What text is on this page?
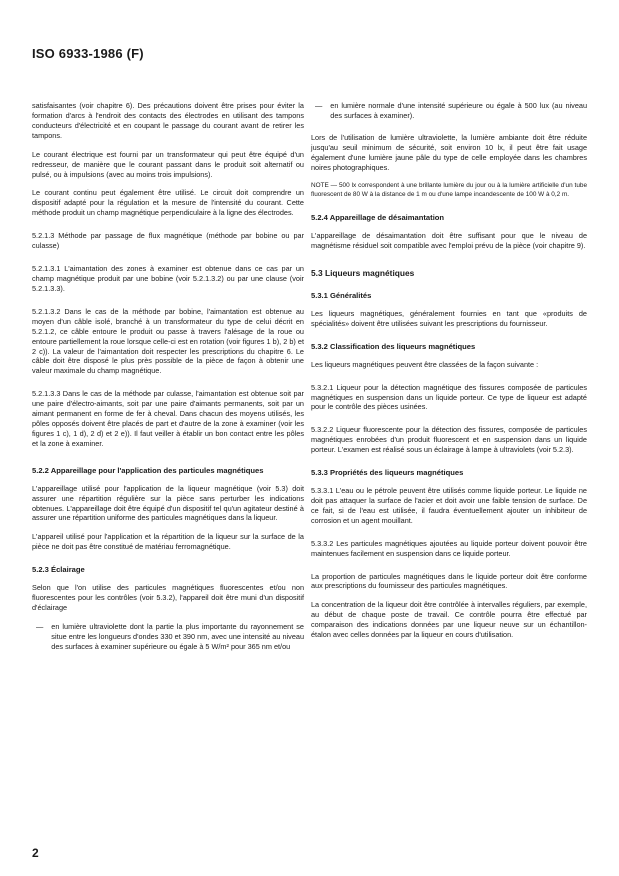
ISO 6933-1986 (F)

satisfaisantes (voir chapitre 6). Des précautions doivent être prises pour éviter la formation d'arcs à l'endroit des contacts des électrodes en utilisant des tampons conducteurs d'électricité et en coupant le passage du courant avant de retirer les tampons.

Le courant électrique est fourni par un transformateur qui peut être équipé d'un redresseur, de manière que le courant passant dans le produit soit alternatif ou pulsé, ou à impulsions (avec au moins trois impulsions).

Le courant continu peut également être utilisé. Le circuit doit comprendre un dispositif adapté pour la régulation et la mesure de l'intensité du courant. Cette méthode produit un champ magnétique perpendiculaire à la ligne des électrodes.

5.2.1.3 Méthode par passage de flux magnétique (méthode par bobine ou par culasse)

5.2.1.3.1 L'aimantation des zones à examiner est obtenue dans ce cas par un champ magnétique produit par une bobine (voir 5.2.1.3.2) ou par une clause (voir 5.2.1.3.3).

5.2.1.3.2 Dans le cas de la méthode par bobine, l'aimantation est obtenue au moyen d'un câble isolé, branché à un transformateur du type de celui décrit en 5.2.1.2, ce câble entoure le produit ou passe à travers l'alésage de la roue ou entoure partiellement la roue lorsque celle-ci est en rotation (voir figures 1 b), 2 b) et 2 c)). La valeur de l'aimantation doit respecter les prescriptions du chapitre 6. Le câble doit être disposé le plus près possible de la pièce de façon à obtenir une valeur maximale du champ magnétique.

5.2.1.3.3 Dans le cas de la méthode par culasse, l'aimantation est obtenue soit par une paire d'électro-aimants, soit par une paire d'aimants permanents, soit par un aimant permanent en forme de fer à cheval. Dans chacun des moyens utilisés, les pôles opposés doivent être placés de part et d'autre de la zone à examiner (voir les figures 1 c), 1 d), 2 d) et 2 e)). Il faut veiller à établir un bon contact entre les pôles et la zone à examiner.

5.2.2 Appareillage pour l'application des particules magnétiques

L'appareillage utilisé pour l'application de la liqueur magnétique (voir 5.3) doit assurer une répartition régulière sur la pièce sans perturber les indications obtenues. L'appareillage doit être équipé d'un dispositif tel qu'un agitateur destiné à assurer une répartition uniforme des particules magnétiques dans la liqueur.

L'appareil utilisé pour l'application et la répartition de la liqueur sur la surface de la pièce ne doit pas être constitué de matériau ferromagnétique.

5.2.3 Éclairage

Selon que l'on utilise des particules magnétiques fluorescentes et/ou non fluorescentes pour les contrôles (voir 5.3.2), l'appareil doit être muni d'un dispositif d'éclairage

— en lumière ultraviolette dont la partie la plus importante du rayonnement se situe entre les longueurs d'ondes 330 et 390 nm, avec une intensité au niveau des surfaces à examiner supérieure ou égale à 5 W/m² pour 365 nm et/ou
— en lumière normale d'une intensité supérieure ou égale à 500 lux (au niveau des surfaces à examiner).

Lors de l'utilisation de lumière ultraviolette, la lumière ambiante doit être réduite jusqu'au seuil minimum de sécurité, soit environ 10 lx, il peut être fait usage également d'une lumière jaune pâle du type de celle employée dans les chambres noires photographiques.

NOTE — 500 lx correspondent à une brillante lumière du jour ou à la lumière artificielle d'un tube fluorescent de 80 W à la distance de 1 m ou d'une lampe incandescente de 100 W à 0,2 m.

5.2.4 Appareillage de désaimantation

L'appareillage de désaimantation doit être suffisant pour que le niveau de magnétisme résiduel soit compatible avec l'emploi prévu de la pièce (voir chapitre 9).

5.3 Liqueurs magnétiques
5.3.1 Généralités

Les liqueurs magnétiques, généralement fournies en tant que «produits de spécialités» doivent être utilisées suivant les prescriptions du fournisseur.

5.3.2 Classification des liqueurs magnétiques

Les liqueurs magnétiques peuvent être classées de la façon suivante :

5.3.2.1 Liqueur pour la détection magnétique des fissures composée de particules magnétiques en suspension dans un liquide porteur. Ce type de liqueur est adapté pour le contrôle des pièces usinées.

5.3.2.2 Liqueur fluorescente pour la détection des fissures, composée de particules magnétiques enrobées d'un produit fluorescent et en suspension dans un liquide porteur. L'examen est réalisé sous un éclairage à lampe à ultraviolets (voir 5.2.3).

5.3.3 Propriétés des liqueurs magnétiques

5.3.3.1 L'eau ou le pétrole peuvent être utilisés comme liquide porteur. Le liquide ne doit pas attaquer la surface de l'acier et doit avoir une faible tension de surface. De ce fait, si de l'eau est utilisée, il faudra éventuellement ajouter un inhibiteur de corrosion et un agent mouillant.

5.3.3.2 Les particules magnétiques ajoutées au liquide porteur doivent pouvoir être maintenues facilement en suspension dans ce liquide porteur.

La proportion de particules magnétiques dans le liquide porteur doit être conforme aux prescriptions du fournisseur des particules magnétiques.

La concentration de la liqueur doit être contrôlée à intervalles réguliers, par exemple, au début de chaque poste de travail. Ce contrôle pourra être effectué par comparaison des indications données par une liqueur neuve sur un échantillon-étalon avec celles données par la liqueur en cours d'utilisation.

2
